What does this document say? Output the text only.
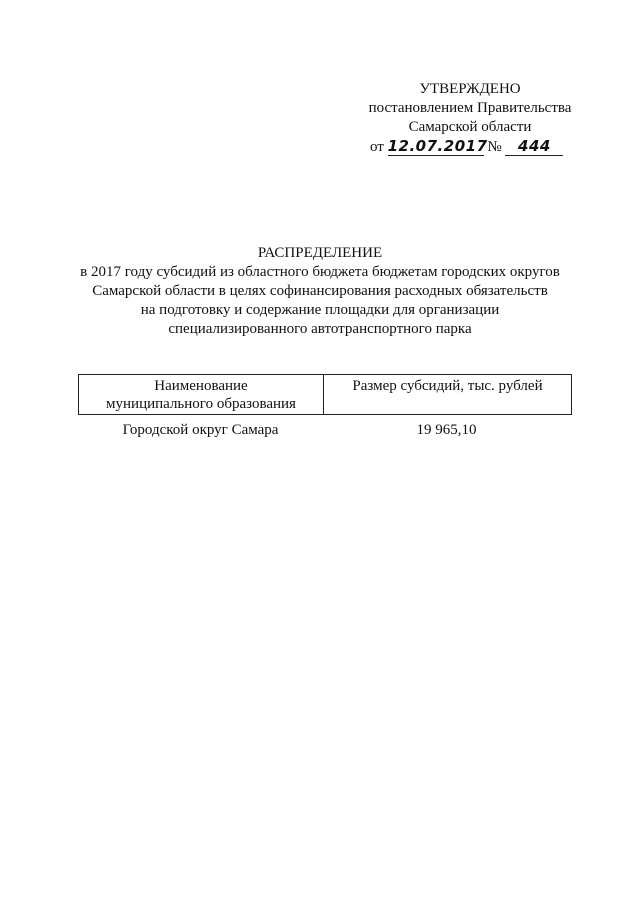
УТВЕРЖДЕНО
постановлением Правительства
Самарской области
от 12.07.2017 № 444
РАСПРЕДЕЛЕНИЕ
в 2017 году субсидий из областного бюджета бюджетам городских округов
Самарской области в целях софинансирования расходных обязательств
на подготовку и содержание площадки для организации
специализированного автотранспортного парка
Наименование
муниципального образования
Размер субсидий, тыс. рублей
Городской округ Самара	19 965,10
